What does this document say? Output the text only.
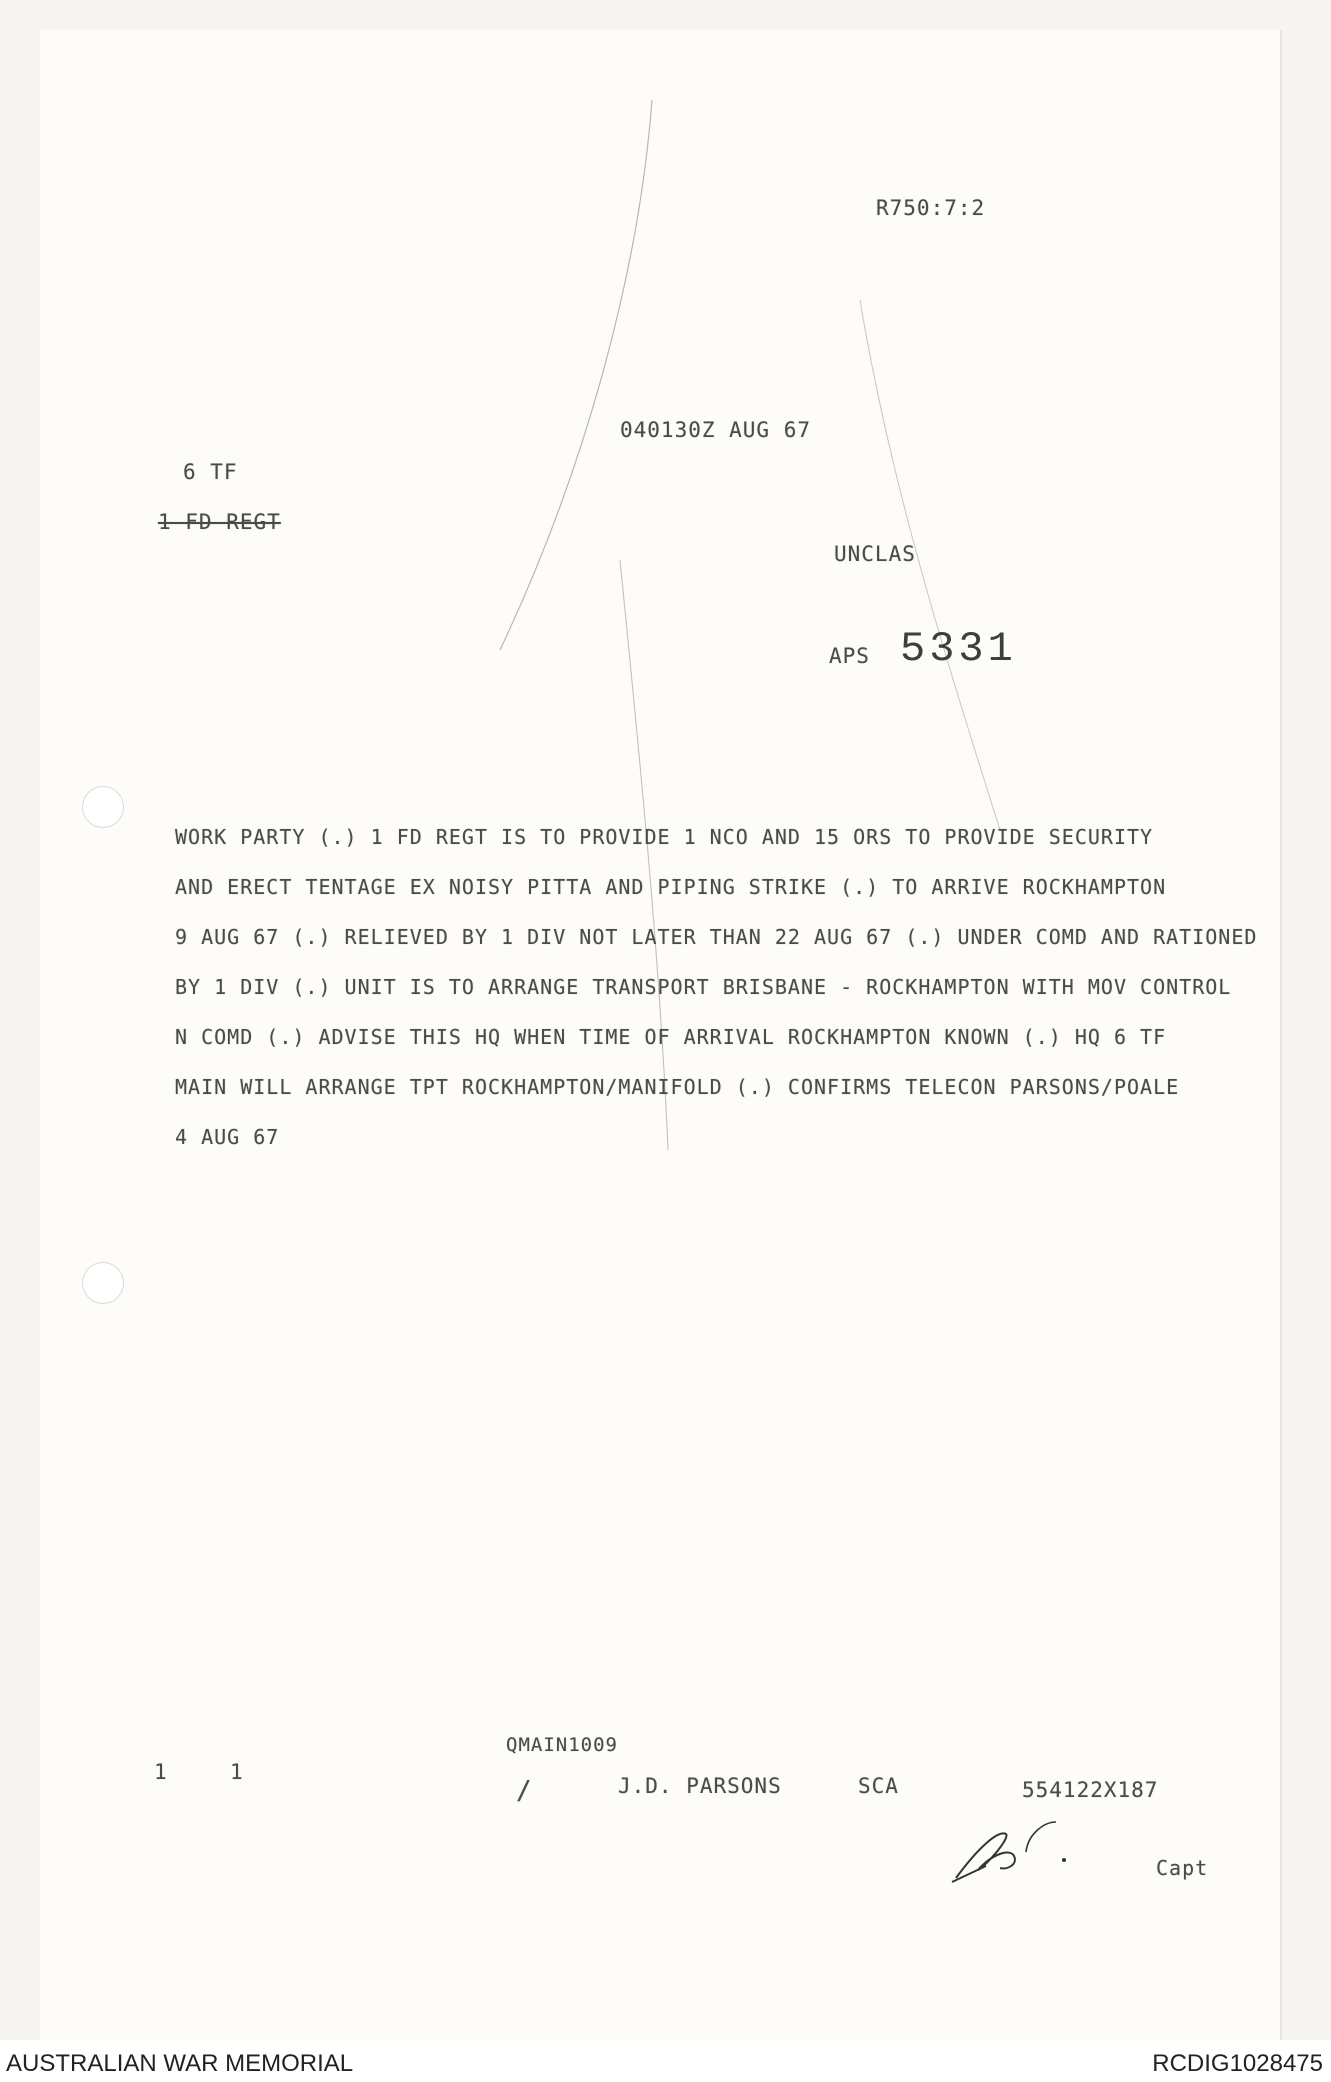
R750:7:2
040130Z AUG 67
6 TF
1 FD REGT
UNCLAS
APS 5331
WORK PARTY (.) 1 FD REGT IS TO PROVIDE 1 NCO AND 15 ORS TO PROVIDE SECURITY
AND ERECT TENTAGE EX NOISY PITTA AND PIPING STRIKE (.) TO ARRIVE ROCKHAMPTON
9 AUG 67 (.) RELIEVED BY 1 DIV NOT LATER THAN 22 AUG 67 (.) UNDER COMD AND RATIONED
BY 1 DIV (.) UNIT IS TO ARRANGE TRANSPORT BRISBANE - ROCKHAMPTON WITH MOV CONTROL
N COMD (.) ADVISE THIS HQ WHEN TIME OF ARRIVAL ROCKHAMPTON KNOWN (.) HQ 6 TF
MAIN WILL ARRANGE TPT ROCKHAMPTON/MANIFOLD (.) CONFIRMS TELECON PARSONS/POALE
4 AUG 67
1	1
QMAIN1009
/	J.D. PARSONS	SCA	554122X187
Capt
AUSTRALIAN WAR MEMORIAL	RCDIG1028475
